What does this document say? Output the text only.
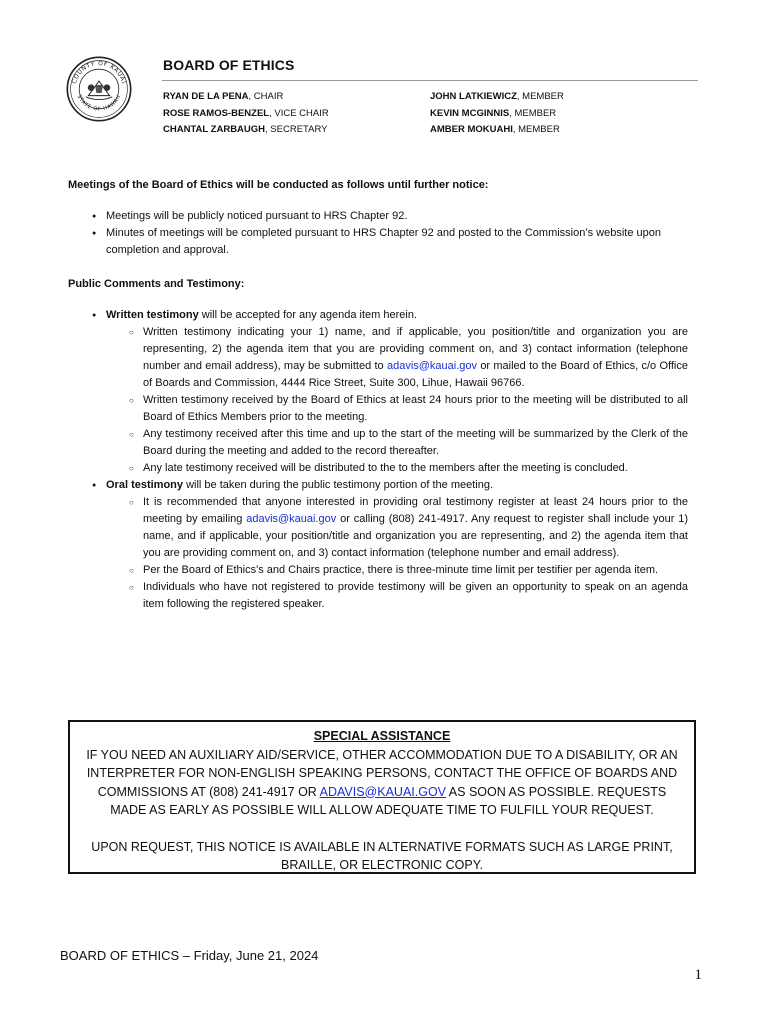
COUNTY OF KAUAI
STATE OF HAWAII
BOARD OF ETHICS
RYAN DE LA PENA, CHAIR
ROSE RAMOS-BENZEL, VICE CHAIR
CHANTAL ZARBAUGH, SECRETARY
JOHN LATKIEWICZ, MEMBER
KEVIN MCGINNIS, MEMBER
AMBER MOKUAHI, MEMBER
Meetings of the Board of Ethics will be conducted as follows until further notice:
● Meetings will be publicly noticed pursuant to HRS Chapter 92.
● Minutes of meetings will be completed pursuant to HRS Chapter 92 and posted to the Commission’s website upon completion and approval.
Public Comments and Testimony:
● Written testimony will be accepted for any agenda item herein.
○ Written testimony indicating your 1) name, and if applicable, you position/title and organization you are representing, 2) the agenda item that you are providing comment on, and 3) contact information (telephone number and email address), may be submitted to adavis@kauai.gov or mailed to the Board of Ethics, c/o Office of Boards and Commission, 4444 Rice Street, Suite 300, Lihue, Hawaii 96766.
○ Written testimony received by the Board of Ethics at least 24 hours prior to the meeting will be distributed to all Board of Ethics Members prior to the meeting.
○ Any testimony received after this time and up to the start of the meeting will be summarized by the Clerk of the Board during the meeting and added to the record thereafter.
○ Any late testimony received will be distributed to the to the members after the meeting is concluded.
● Oral testimony will be taken during the public testimony portion of the meeting.
○ It is recommended that anyone interested in providing oral testimony register at least 24 hours prior to the meeting by emailing adavis@kauai.gov or calling (808) 241-4917. Any request to register shall include your 1) name, and if applicable, your position/title and organization you are representing, and 2) the agenda item that you are providing comment on, and 3) contact information (telephone number and email address).
○ Per the Board of Ethics's and Chairs practice, there is three-minute time limit per testifier per agenda item.
○ Individuals who have not registered to provide testimony will be given an opportunity to speak on an agenda item following the registered speaker.

SPECIAL ASSISTANCE

IF YOU NEED AN AUXILIARY AID/SERVICE, OTHER ACCOMMODATION DUE TO A DISABILITY, OR AN INTERPRETER FOR NON-ENGLISH SPEAKING PERSONS, CONTACT THE OFFICE OF BOARDS AND COMMISSIONS AT (808) 241-4917 OR ADAVIS@KAUAI.GOV AS SOON AS POSSIBLE. REQUESTS MADE AS EARLY AS POSSIBLE WILL ALLOW ADEQUATE TIME TO FULFILL YOUR REQUEST.

UPON REQUEST, THIS NOTICE IS AVAILABLE IN ALTERNATIVE FORMATS SUCH AS LARGE PRINT, BRAILLE, OR ELECTRONIC COPY.

BOARD OF ETHICS – Friday, June 21, 2024
1
